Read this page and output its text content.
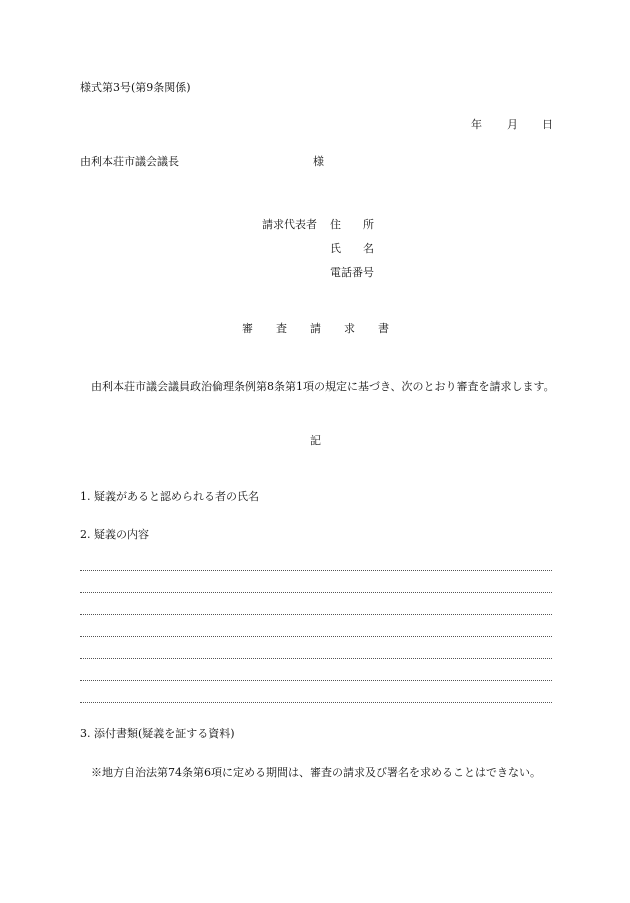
様式第3号(第9条関係)
年 月 日
由利本荘市議会議長	様
請求代表者 住　　所
氏　　名
電話番号
審 査 請 求 書
由利本荘市議会議員政治倫理条例第8条第1項の規定に基づき、次のとおり審査を請求します。
記
1. 疑義があると認められる者の氏名
2. 疑義の内容
3. 添付書類(疑義を証する資料)
※地方自治法第74条第6項に定める期間は、審査の請求及び署名を求めることはできない。
